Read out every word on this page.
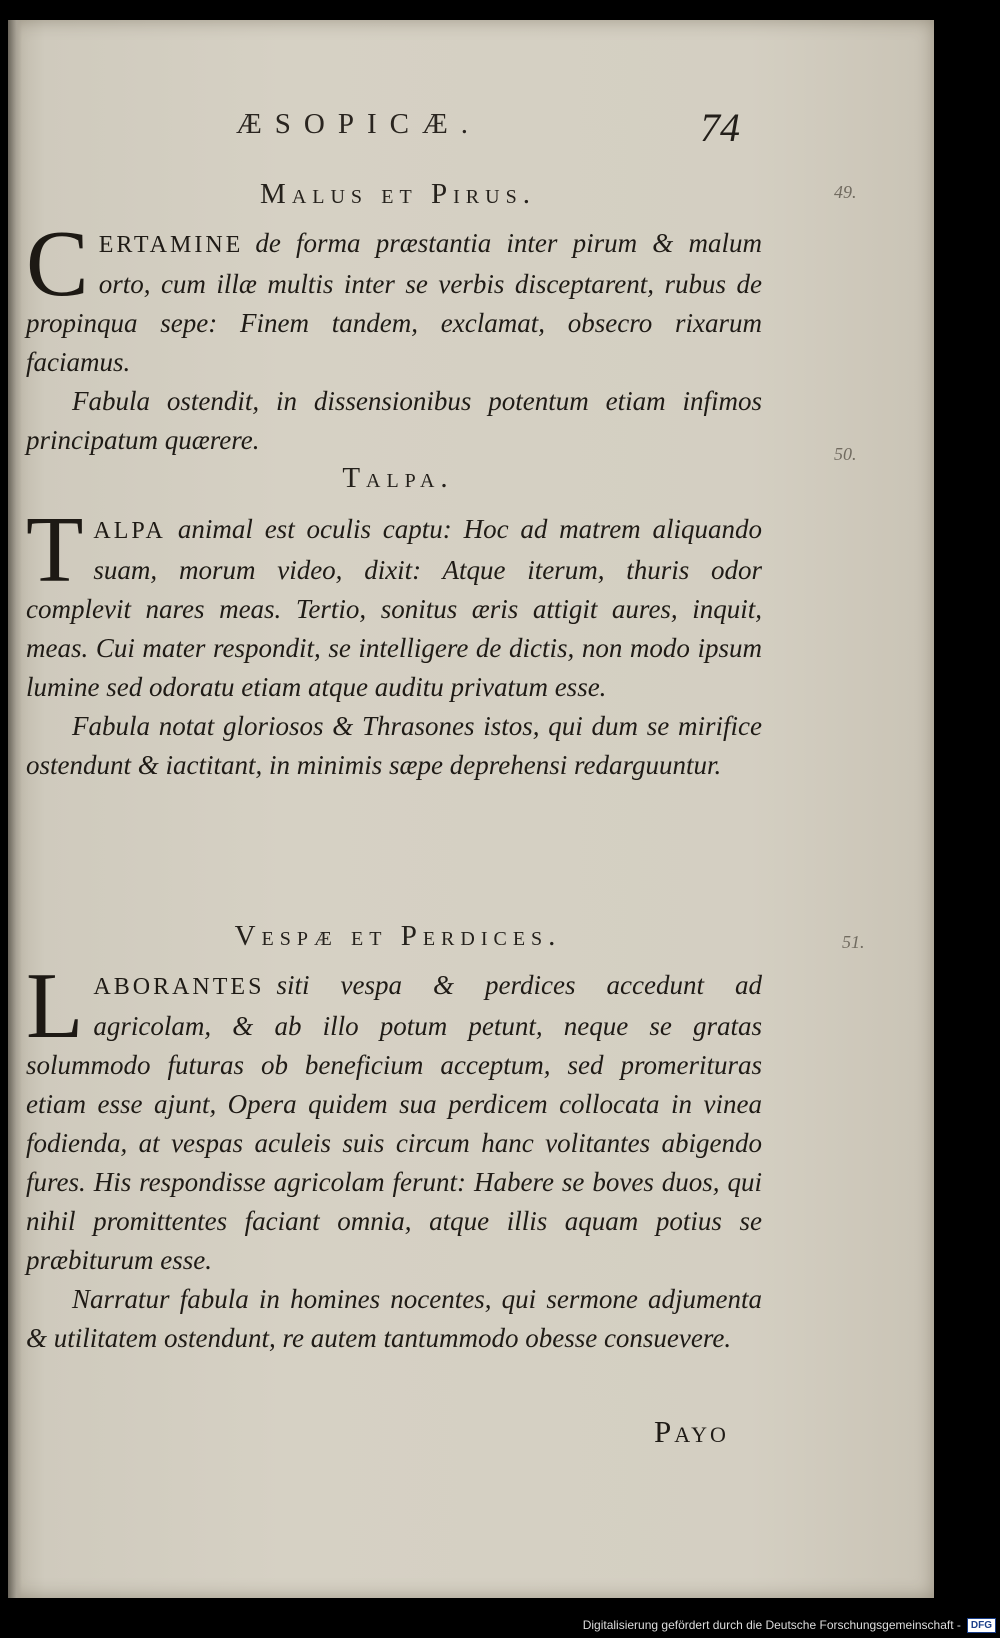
ÆSOPICÆ.	74
49.
50.
51.
Malus et Pirus.

CERTAMINE de forma præstantia inter pirum & malum orto, cum illæ multis inter se verbis disceptarent, rubus de propinqua sepe: Finem tandem, exclamat, obsecro rixarum faciamus.

Fabula ostendit, in dissensionibus potentum etiam infimos principatum quærere.

Talpa.

TALPA animal est oculis captu: Hoc ad matrem aliquando suam, morum video, dixit: Atque iterum, thuris odor complevit nares meas. Tertio, sonitus æris attigit aures, inquit, meas. Cui mater respondit, se intelligere de dictis, non modo ipsum lumine sed odoratu etiam atque auditu privatum esse.

Fabula notat gloriosos & Thrasones istos, qui dum se mirifice ostendunt & iactitant, in minimis sæpe deprehensi redarguuntur.

Vespæ et Perdices.

LABORANTES siti vespa & perdices accedunt ad agricolam, & ab illo potum petunt, neque se gratas solummodo futuras ob beneficium acceptum, sed promerituras etiam esse ajunt, Opera quidem sua perdicem collocata in vinea fodienda, at vespas aculeis suis circum hanc volitantes abigendo fures. His respondisse agricolam ferunt: Habere se boves duos, qui nihil promittentes faciant omnia, atque illis aquam potius se præbiturum esse.

Narratur fabula in homines nocentes, qui sermone adjumenta & utilitatem ostendunt, re autem tantummodo obesse consuevere.

Payo
Digitalisierung gefördert durch die Deutsche Forschungsgemeinschaft -	DFG
